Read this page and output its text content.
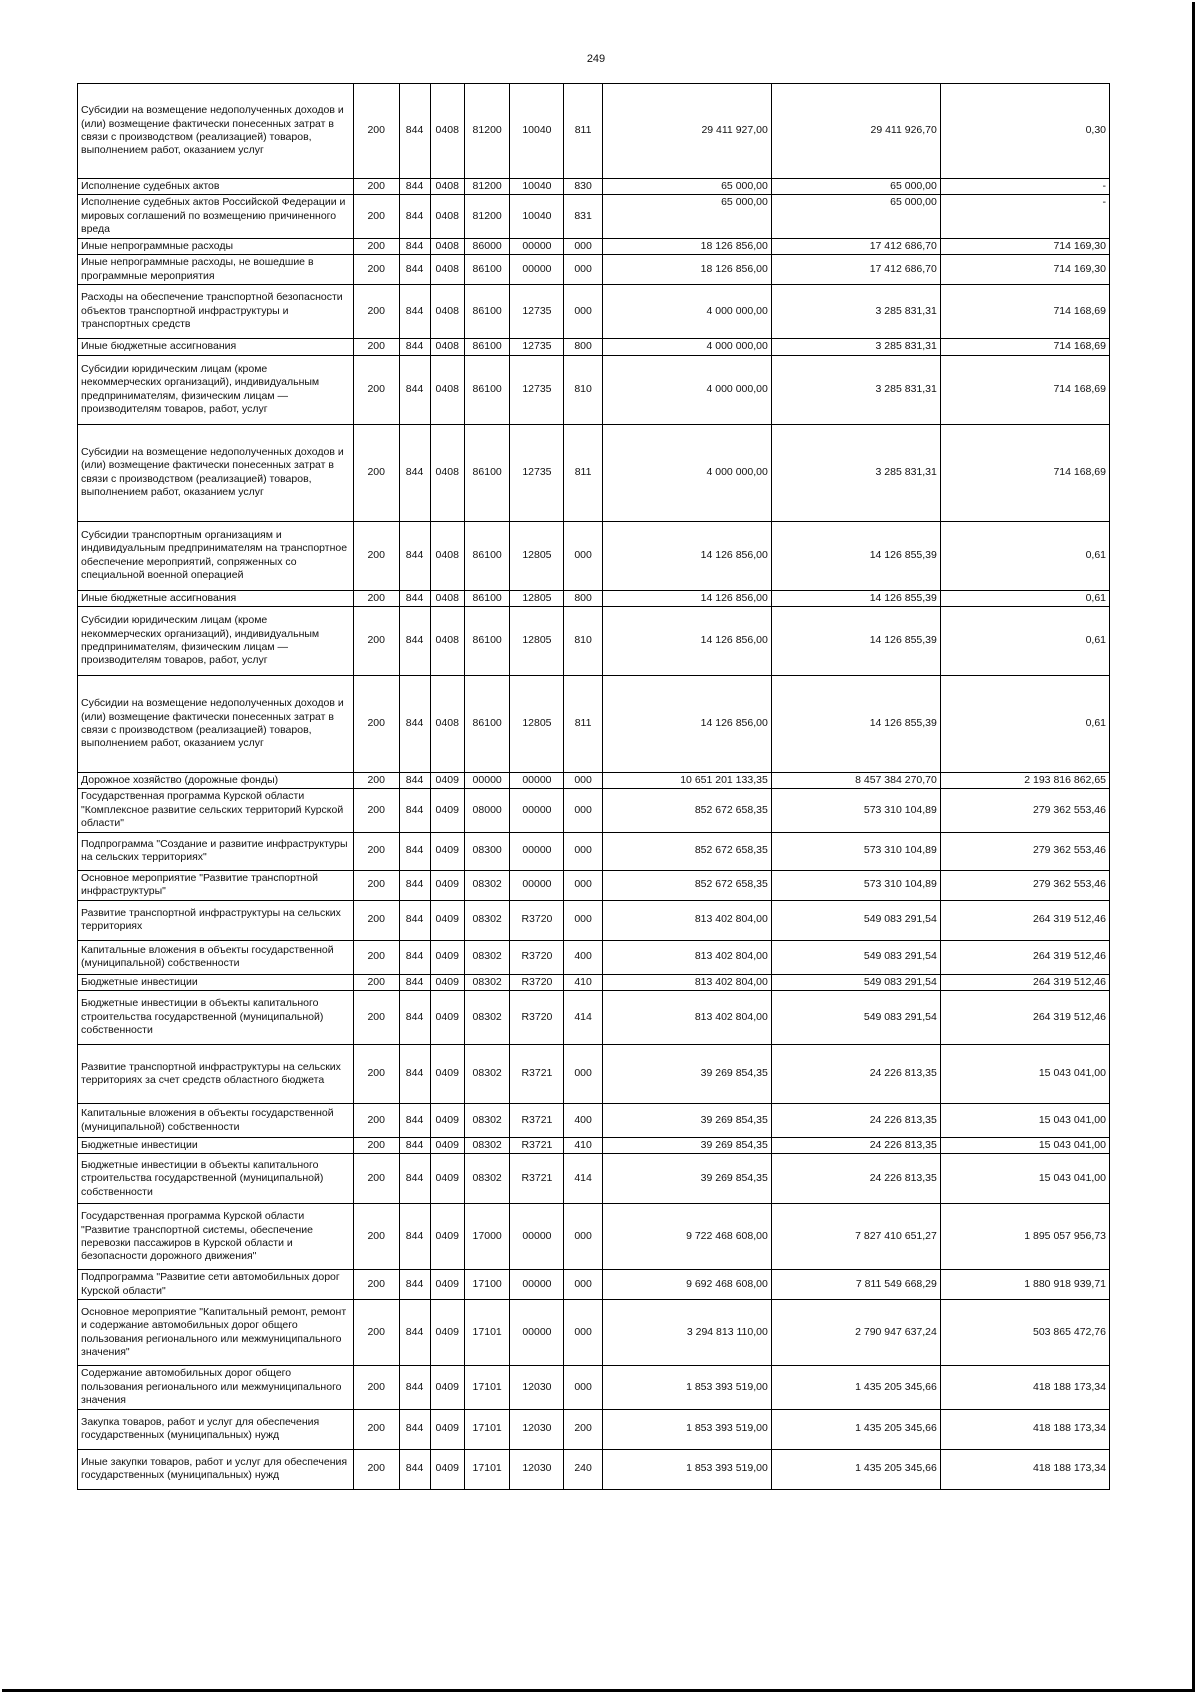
249
Субсидии на возмещение недополученных доходов и (или) возмещение фактически понесенных затрат в связи с производством (реализацией) товаров, выполнением работ, оказанием услуг	200	844	0408	81200	10040	811	29 411 927,00	29 411 926,70	0,30
Исполнение судебных актов	200	844	0408	81200	10040	830	65 000,00	65 000,00	-
Исполнение судебных актов Российской Федерации и мировых соглашений по возмещению причиненного вреда	200	844	0408	81200	10040	831	65 000,00	65 000,00	-
Иные непрограммные расходы	200	844	0408	86000	00000	000	18 126 856,00	17 412 686,70	714 169,30
Иные непрограммные расходы, не вошедшие в программные мероприятия	200	844	0408	86100	00000	000	18 126 856,00	17 412 686,70	714 169,30
Расходы на обеспечение транспортной безопасности объектов транспортной инфраструктуры и транспортных средств	200	844	0408	86100	12735	000	4 000 000,00	3 285 831,31	714 168,69
Иные бюджетные ассигнования	200	844	0408	86100	12735	800	4 000 000,00	3 285 831,31	714 168,69
Субсидии юридическим лицам (кроме некоммерческих организаций), индивидуальным предпринимателям, физическим лицам — производителям товаров, работ, услуг	200	844	0408	86100	12735	810	4 000 000,00	3 285 831,31	714 168,69
Субсидии на возмещение недополученных доходов и (или) возмещение фактически понесенных затрат в связи с производством (реализацией) товаров, выполнением работ, оказанием услуг	200	844	0408	86100	12735	811	4 000 000,00	3 285 831,31	714 168,69
Субсидии транспортным организациям и индивидуальным предпринимателям на транспортное обеспечение мероприятий, сопряженных со специальной военной операцией	200	844	0408	86100	12805	000	14 126 856,00	14 126 855,39	0,61
Иные бюджетные ассигнования	200	844	0408	86100	12805	800	14 126 856,00	14 126 855,39	0,61
Субсидии юридическим лицам (кроме некоммерческих организаций), индивидуальным предпринимателям, физическим лицам — производителям товаров, работ, услуг	200	844	0408	86100	12805	810	14 126 856,00	14 126 855,39	0,61
Субсидии на возмещение недополученных доходов и (или) возмещение фактически понесенных затрат в связи с производством (реализацией) товаров, выполнением работ, оказанием услуг	200	844	0408	86100	12805	811	14 126 856,00	14 126 855,39	0,61
Дорожное хозяйство (дорожные фонды)	200	844	0409	00000	00000	000	10 651 201 133,35	8 457 384 270,70	2 193 816 862,65
Государственная программа Курской области "Комплексное развитие сельских территорий Курской области"	200	844	0409	08000	00000	000	852 672 658,35	573 310 104,89	279 362 553,46
Подпрограмма "Создание и развитие инфраструктуры на сельских территориях"	200	844	0409	08300	00000	000	852 672 658,35	573 310 104,89	279 362 553,46
Основное мероприятие "Развитие транспортной инфраструктуры"	200	844	0409	08302	00000	000	852 672 658,35	573 310 104,89	279 362 553,46
Развитие транспортной инфраструктуры на сельских территориях	200	844	0409	08302	R3720	000	813 402 804,00	549 083 291,54	264 319 512,46
Капитальные вложения в объекты государственной (муниципальной) собственности	200	844	0409	08302	R3720	400	813 402 804,00	549 083 291,54	264 319 512,46
Бюджетные инвестиции	200	844	0409	08302	R3720	410	813 402 804,00	549 083 291,54	264 319 512,46
Бюджетные инвестиции в объекты капитального строительства государственной (муниципальной) собственности	200	844	0409	08302	R3720	414	813 402 804,00	549 083 291,54	264 319 512,46
Развитие транспортной инфраструктуры на сельских территориях за счет средств областного бюджета	200	844	0409	08302	R3721	000	39 269 854,35	24 226 813,35	15 043 041,00
Капитальные вложения в объекты государственной (муниципальной) собственности	200	844	0409	08302	R3721	400	39 269 854,35	24 226 813,35	15 043 041,00
Бюджетные инвестиции	200	844	0409	08302	R3721	410	39 269 854,35	24 226 813,35	15 043 041,00
Бюджетные инвестиции в объекты капитального строительства государственной (муниципальной) собственности	200	844	0409	08302	R3721	414	39 269 854,35	24 226 813,35	15 043 041,00
Государственная программа Курской области "Развитие транспортной системы, обеспечение перевозки пассажиров в Курской области и безопасности дорожного движения"	200	844	0409	17000	00000	000	9 722 468 608,00	7 827 410 651,27	1 895 057 956,73
Подпрограмма "Развитие сети автомобильных дорог Курской области"	200	844	0409	17100	00000	000	9 692 468 608,00	7 811 549 668,29	1 880 918 939,71
Основное мероприятие "Капитальный ремонт, ремонт и содержание автомобильных дорог общего пользования регионального или межмуниципального значения"	200	844	0409	17101	00000	000	3 294 813 110,00	2 790 947 637,24	503 865 472,76
Содержание автомобильных дорог общего пользования регионального или межмуниципального значения	200	844	0409	17101	12030	000	1 853 393 519,00	1 435 205 345,66	418 188 173,34
Закупка товаров, работ и услуг для обеспечения государственных (муниципальных) нужд	200	844	0409	17101	12030	200	1 853 393 519,00	1 435 205 345,66	418 188 173,34
Иные закупки товаров, работ и услуг для обеспечения государственных (муниципальных) нужд	200	844	0409	17101	12030	240	1 853 393 519,00	1 435 205 345,66	418 188 173,34
